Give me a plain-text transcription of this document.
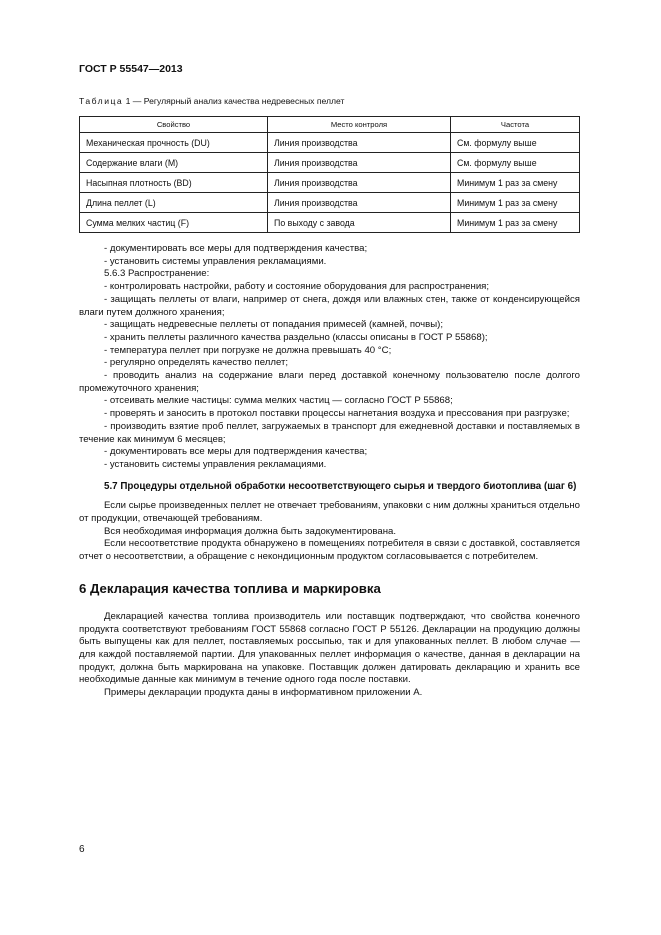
ГОСТ Р 55547—2013
Таблица 1 — Регулярный анализ качества недревесных пеллет
Свойство	Место контроля	Частота
Механическая прочность (DU)	Линия производства	См. формулу выше
Содержание влаги (M)	Линия производства	См. формулу выше
Насыпная плотность (BD)	Линия производства	Минимум 1 раз за смену
Длина пеллет (L)	Линия производства	Минимум 1 раз за смену
Сумма мелких частиц (F)	По выходу с завода	Минимум 1 раз за смену

- документировать все меры для подтверждения качества;

- установить системы управления рекламациями.

5.6.3 Распространение:

- контролировать настройки, работу и состояние оборудования для распространения;

- защищать пеллеты от влаги, например от снега, дождя или влажных стен, также от конденсирующейся влаги путем должного хранения;

- защищать недревесные пеллеты от попадания примесей (камней, почвы);

- хранить пеллеты различного качества раздельно (классы описаны в ГОСТ Р 55868);

- температура пеллет при погрузке не должна превышать 40 °С;

- регулярно определять качество пеллет;

- проводить анализ на содержание влаги перед доставкой конечному пользователю после долгого промежуточного хранения;

- отсеивать мелкие частицы: сумма мелких частиц — согласно ГОСТ Р 55868;

- проверять и заносить в протокол поставки процессы нагнетания воздуха и прессования при разгрузке;

- производить взятие проб пеллет, загружаемых в транспорт для ежедневной доставки и поставляемых в течение как минимум 6 месяцев;

- документировать все меры для подтверждения качества;

- установить системы управления рекламациями.

5.7 Процедуры отдельной обработки несоответствующего сырья и твердого биотоплива (шаг 6)

Если сырье произведенных пеллет не отвечает требованиям, упаковки с ним должны храниться отдельно от продукции, отвечающей требованиям.

Вся необходимая информация должна быть задокументирована.

Если несоответствие продукта обнаружено в помещениях потребителя в связи с доставкой, составляется отчет о несоответствии, а обращение с некондиционным продуктом согласовывается с потребителем.

6 Декларация качества топлива и маркировка

Декларацией качества топлива производитель или поставщик подтверждают, что свойства конечного продукта соответствуют требованиям ГОСТ 55868 согласно ГОСТ Р 55126. Декларации на продукцию должны быть выпущены как для пеллет, поставляемых россыпью, так и для упакованных пеллет. В любом случае — для каждой поставляемой партии. Для упакованных пеллет информация о качестве, данная в декларации на продукт, должна быть маркирована на упаковке. Поставщик должен датировать декларацию и хранить все необходимые данные как минимум в течение одного года после поставки.

Примеры декларации продукта даны в информативном приложении А.

6
